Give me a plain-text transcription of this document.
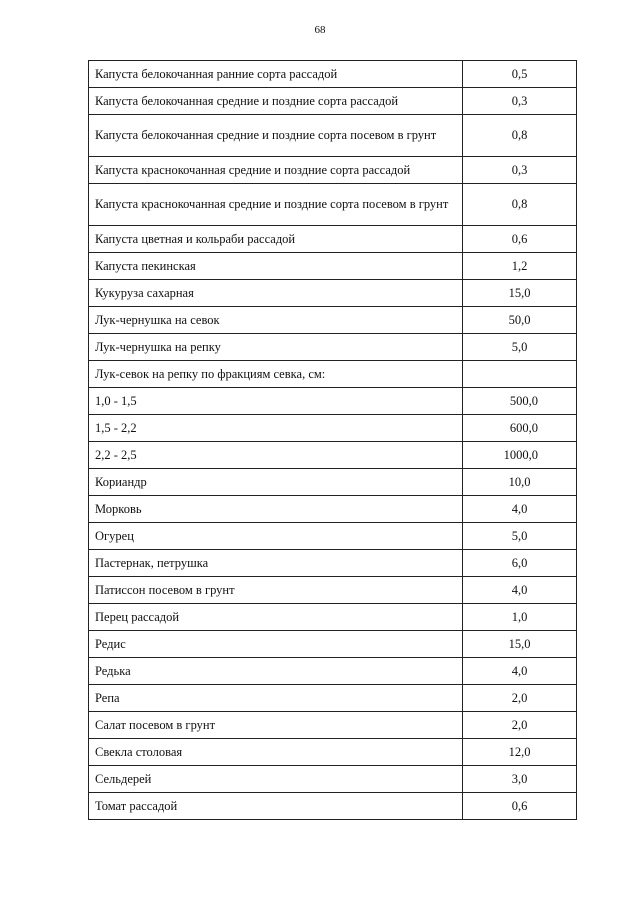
68
Капуста белокочанная ранние сорта рассадой	0,5
Капуста белокочанная средние и поздние сорта рассадой	0,3
Капуста белокочанная средние и поздние сорта посевом в грунт	0,8
Капуста краснокочанная средние и поздние сорта рассадой	0,3
Капуста краснокочанная средние и поздние сорта посевом в грунт	0,8
Капуста цветная и кольраби рассадой	0,6
Капуста пекинская	1,2
Кукуруза сахарная	15,0
Лук-чернушка на севок	50,0
Лук-чернушка на репку	5,0
Лук-севок на репку по фракциям севка, см:	
1,0 - 1,5	500,0
1,5 - 2,2	600,0
2,2 - 2,5	1000,0
Кориандр	10,0
Морковь	4,0
Огурец	5,0
Пастернак, петрушка	6,0
Патиссон посевом в грунт	4,0
Перец рассадой	1,0
Редис	15,0
Редька	4,0
Репа	2,0
Салат посевом в грунт	2,0
Свекла столовая	12,0
Сельдерей	3,0
Томат рассадой	0,6
